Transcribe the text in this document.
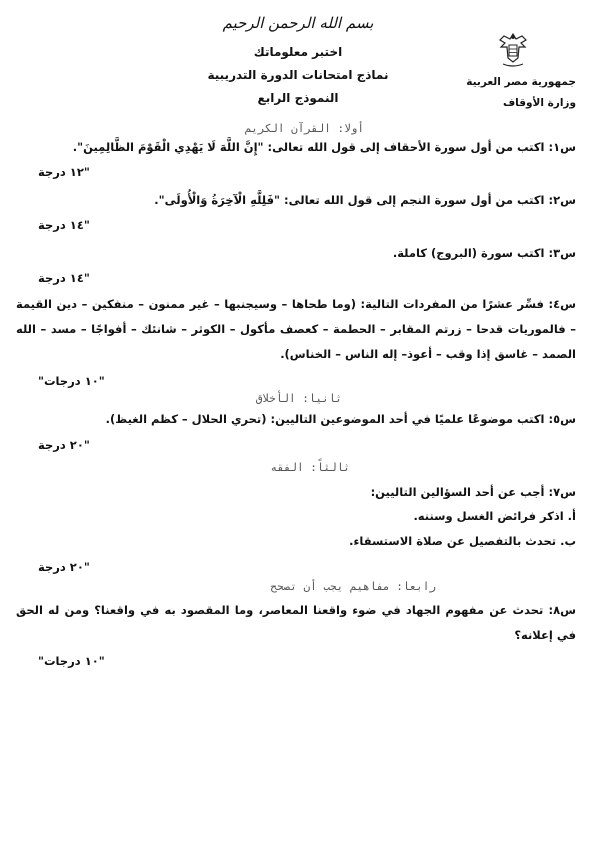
بسم الله الرحمن الرحيم
اختبر معلوماتك
نماذج امتحانات الدورة التدريبية
النموذج الرابع
جمهورية مصر العربية
وزارة الأوقاف
أولا: القرآن الكريم
س١: اكتب من أول سورة الأحقاف إلى قول الله تعالى: "إِنَّ اللَّهَ لَا يَهْدِي الْقَوْمَ الظَّالِمِينَ".
"١٢ درجة
س٢: اكتب من أول سورة النجم إلى قول الله تعالى: "فَلِلَّهِ الْآخِرَةُ وَالْأُولَى".
"١٤ درجة
س٣: اكتب سورة (البروج) كاملة.
"١٤ درجة
س٤: فسِّر عشرًا من المفردات التالية: (وما طحاها – وسيجنبها – غير ممنون – منفكين – دين القيمة – فالموريات قدحا – زرتم المقابر – الحطمة – كعصف مأكول – الكوثر – شانئك – أفواجًا – مسد – الله الصمد – غاسق إذا وقب – أعوذ– إله الناس – الخناس).
"١٠ درجات"
ثانيا: الأخلاق
س٥: اكتب موضوعًا علميًا في أحد الموضوعين التاليين: (تحري الحلال – كظم الغيظ).
"٢٠ درجة
ثالثاً: الفقه
س٧: أجب عن أحد السؤالين التاليين:
أ. اذكر فرائض الغسل وسننه.
ب. تحدث بالتفصيل عن صلاة الاستسقاء.
"٢٠ درجة
رابعا: مفاهيم يجب أن تصحح
س٨: تحدث عن مفهوم الجهاد في ضوء واقعنا المعاصر، وما المقصود به في واقعنا؟ ومن له الحق في إعلانه؟
"١٠ درجات"
